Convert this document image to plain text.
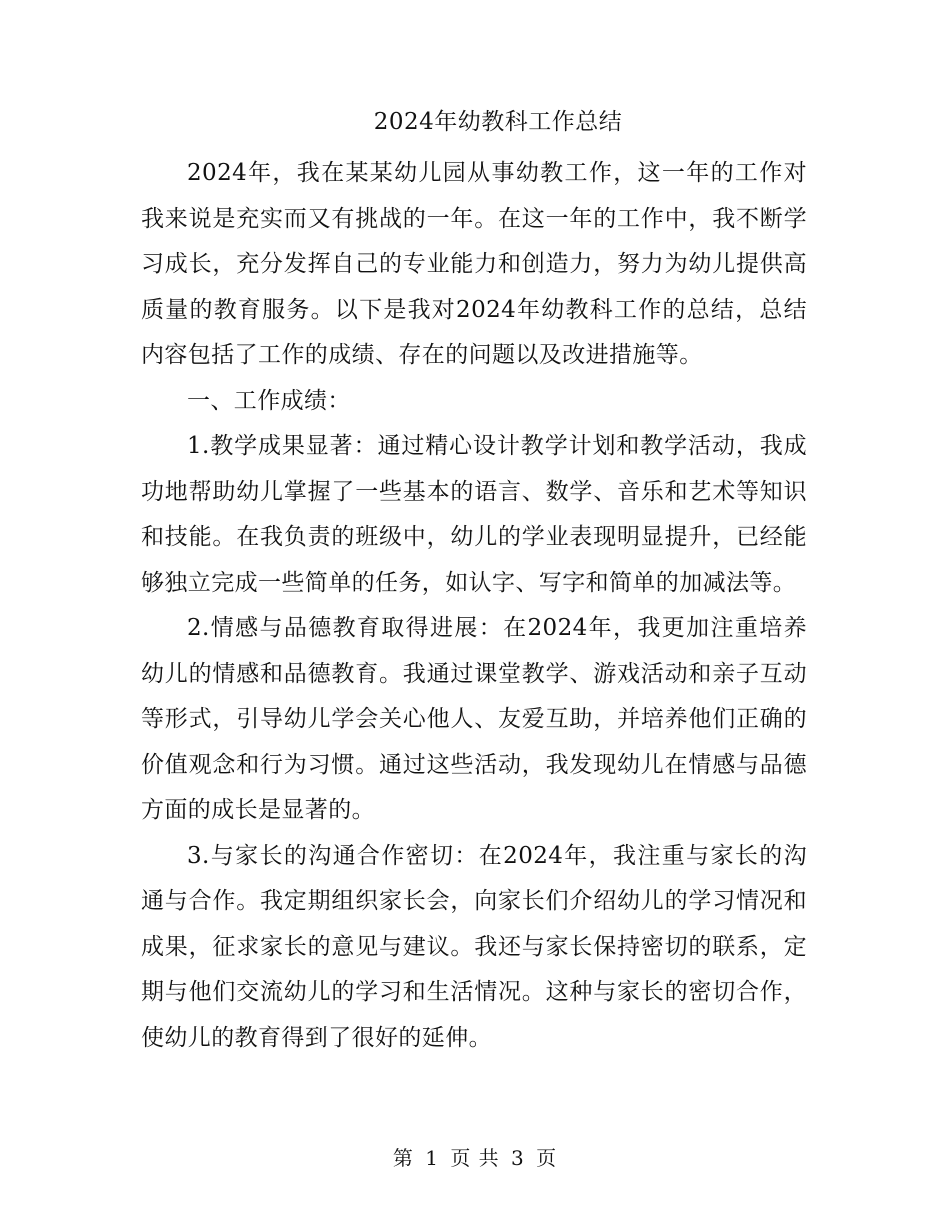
2024年幼教科工作总结

2024年，我在某某幼儿园从事幼教工作，这一年的工作对我来说是充实而又有挑战的一年。在这一年的工作中，我不断学习成长，充分发挥自己的专业能力和创造力，努力为幼儿提供高质量的教育服务。以下是我对2024年幼教科工作的总结，总结内容包括了工作的成绩、存在的问题以及改进措施等。

一、工作成绩：

1.教学成果显著：通过精心设计教学计划和教学活动，我成功地帮助幼儿掌握了一些基本的语言、数学、音乐和艺术等知识和技能。在我负责的班级中，幼儿的学业表现明显提升，已经能够独立完成一些简单的任务，如认字、写字和简单的加减法等。

2.情感与品德教育取得进展：在2024年，我更加注重培养幼儿的情感和品德教育。我通过课堂教学、游戏活动和亲子互动等形式，引导幼儿学会关心他人、友爱互助，并培养他们正确的价值观念和行为习惯。通过这些活动，我发现幼儿在情感与品德方面的成长是显著的。

3.与家长的沟通合作密切：在2024年，我注重与家长的沟通与合作。我定期组织家长会，向家长们介绍幼儿的学习情况和成果，征求家长的意见与建议。我还与家长保持密切的联系，定期与他们交流幼儿的学习和生活情况。这种与家长的密切合作，使幼儿的教育得到了很好的延伸。

第 1 页 共 3 页
